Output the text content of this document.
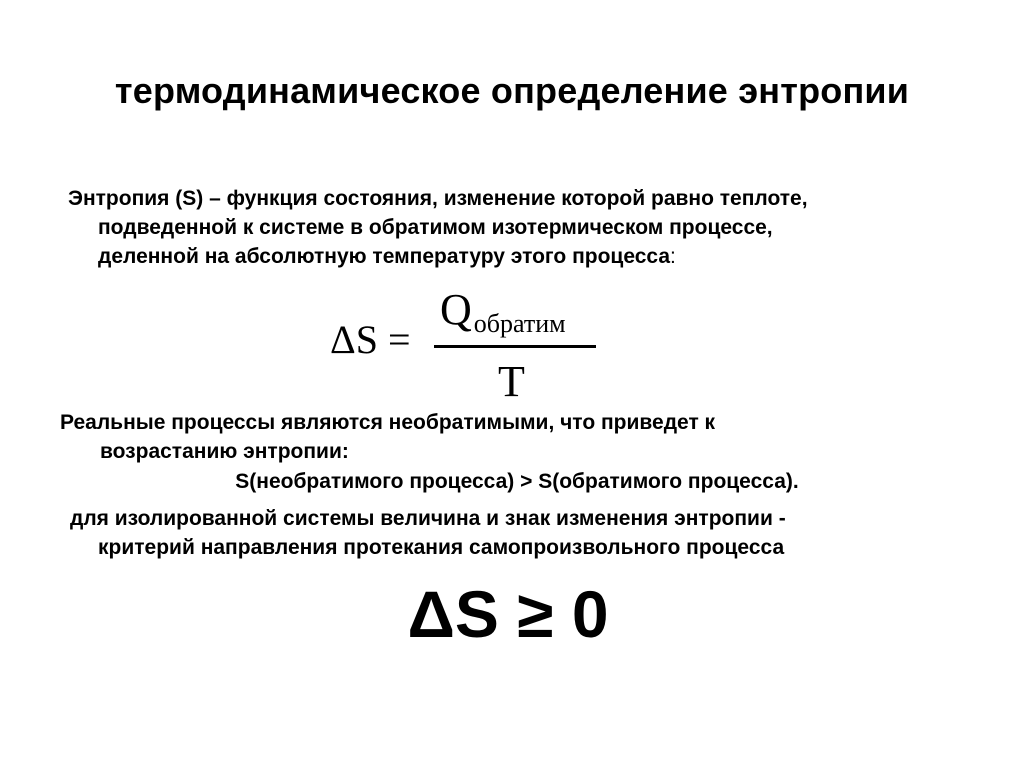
термодинамическое определение энтропии
Энтропия (S) – функция состояния, изменение которой равно теплоте,
подведенной к системе в обратимом изотермическом процессе,
деленной на абсолютную температуру этого процесса:
ΔS =
Qобратим
T
Реальные процессы являются необратимыми, что приведет к
возрастанию энтропии:
S(необратимого процесса) > S(обратимого процесса).
для изолированной системы величина и знак изменения энтропии -
критерий направления протекания самопроизвольного процесса
ΔS ≥ 0
